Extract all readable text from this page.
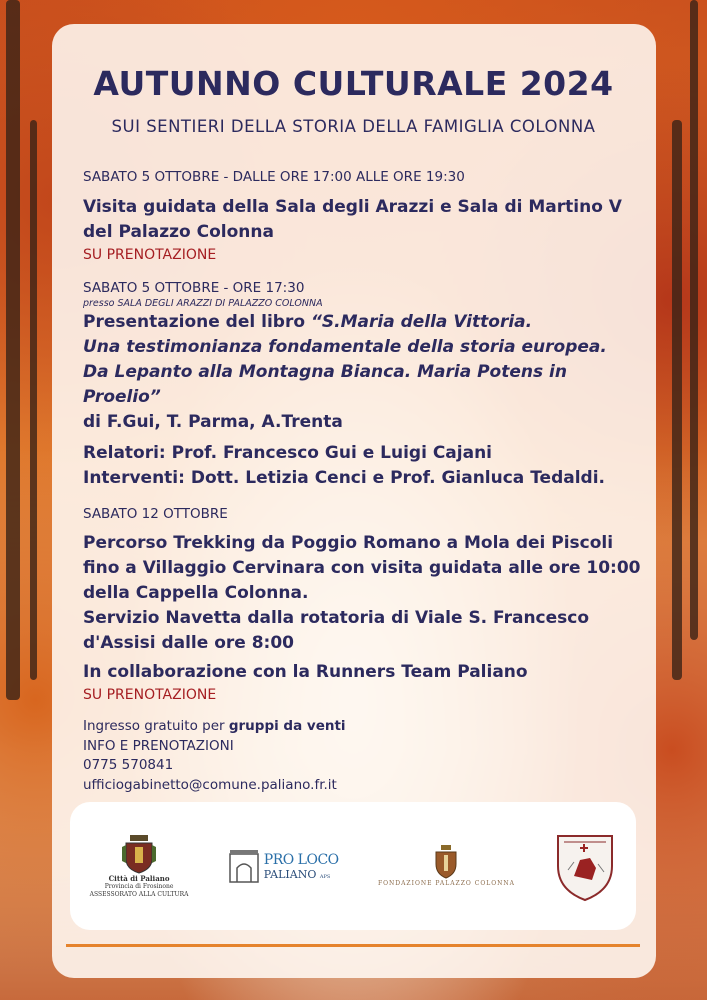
AUTUNNO CULTURALE 2024
SUI SENTIERI DELLA STORIA DELLA FAMIGLIA COLONNA
SABATO 5 OTTOBRE - DALLE ORE 17:00 ALLE ORE 19:30
Visita guidata della Sala degli Arazzi e Sala di Martino V
del Palazzo Colonna
SU PRENOTAZIONE
SABATO 5 OTTOBRE - ORE 17:30
presso SALA DEGLI ARAZZI DI PALAZZO COLONNA
Presentazione del libro “S.Maria della Vittoria.
Una testimonianza fondamentale della storia europea.
Da Lepanto alla Montagna Bianca. Maria Potens in Proelio”
di F.Gui, T. Parma, A.Trenta
Relatori: Prof. Francesco Gui e Luigi Cajani
Interventi: Dott. Letizia Cenci e Prof. Gianluca Tedaldi.
SABATO 12 OTTOBRE
Percorso Trekking da Poggio Romano a Mola dei Piscoli
fino a Villaggio Cervinara con visita guidata alle ore 10:00
della Cappella Colonna.
Servizio Navetta dalla rotatoria di Viale S. Francesco
d'Assisi dalle ore 8:00
In collaborazione con la Runners Team Paliano
SU PRENOTAZIONE
Ingresso gratuito per gruppi da venti
INFO E PRENOTAZIONI
0775 570841
ufficiogabinetto@comune.paliano.fr.it
Città di Paliano
Provincia di Frosinone
ASSESSORATO ALLA CULTURA
PRO LOCO
PALIANO APS
FONDAZIONE PALAZZO COLONNA
